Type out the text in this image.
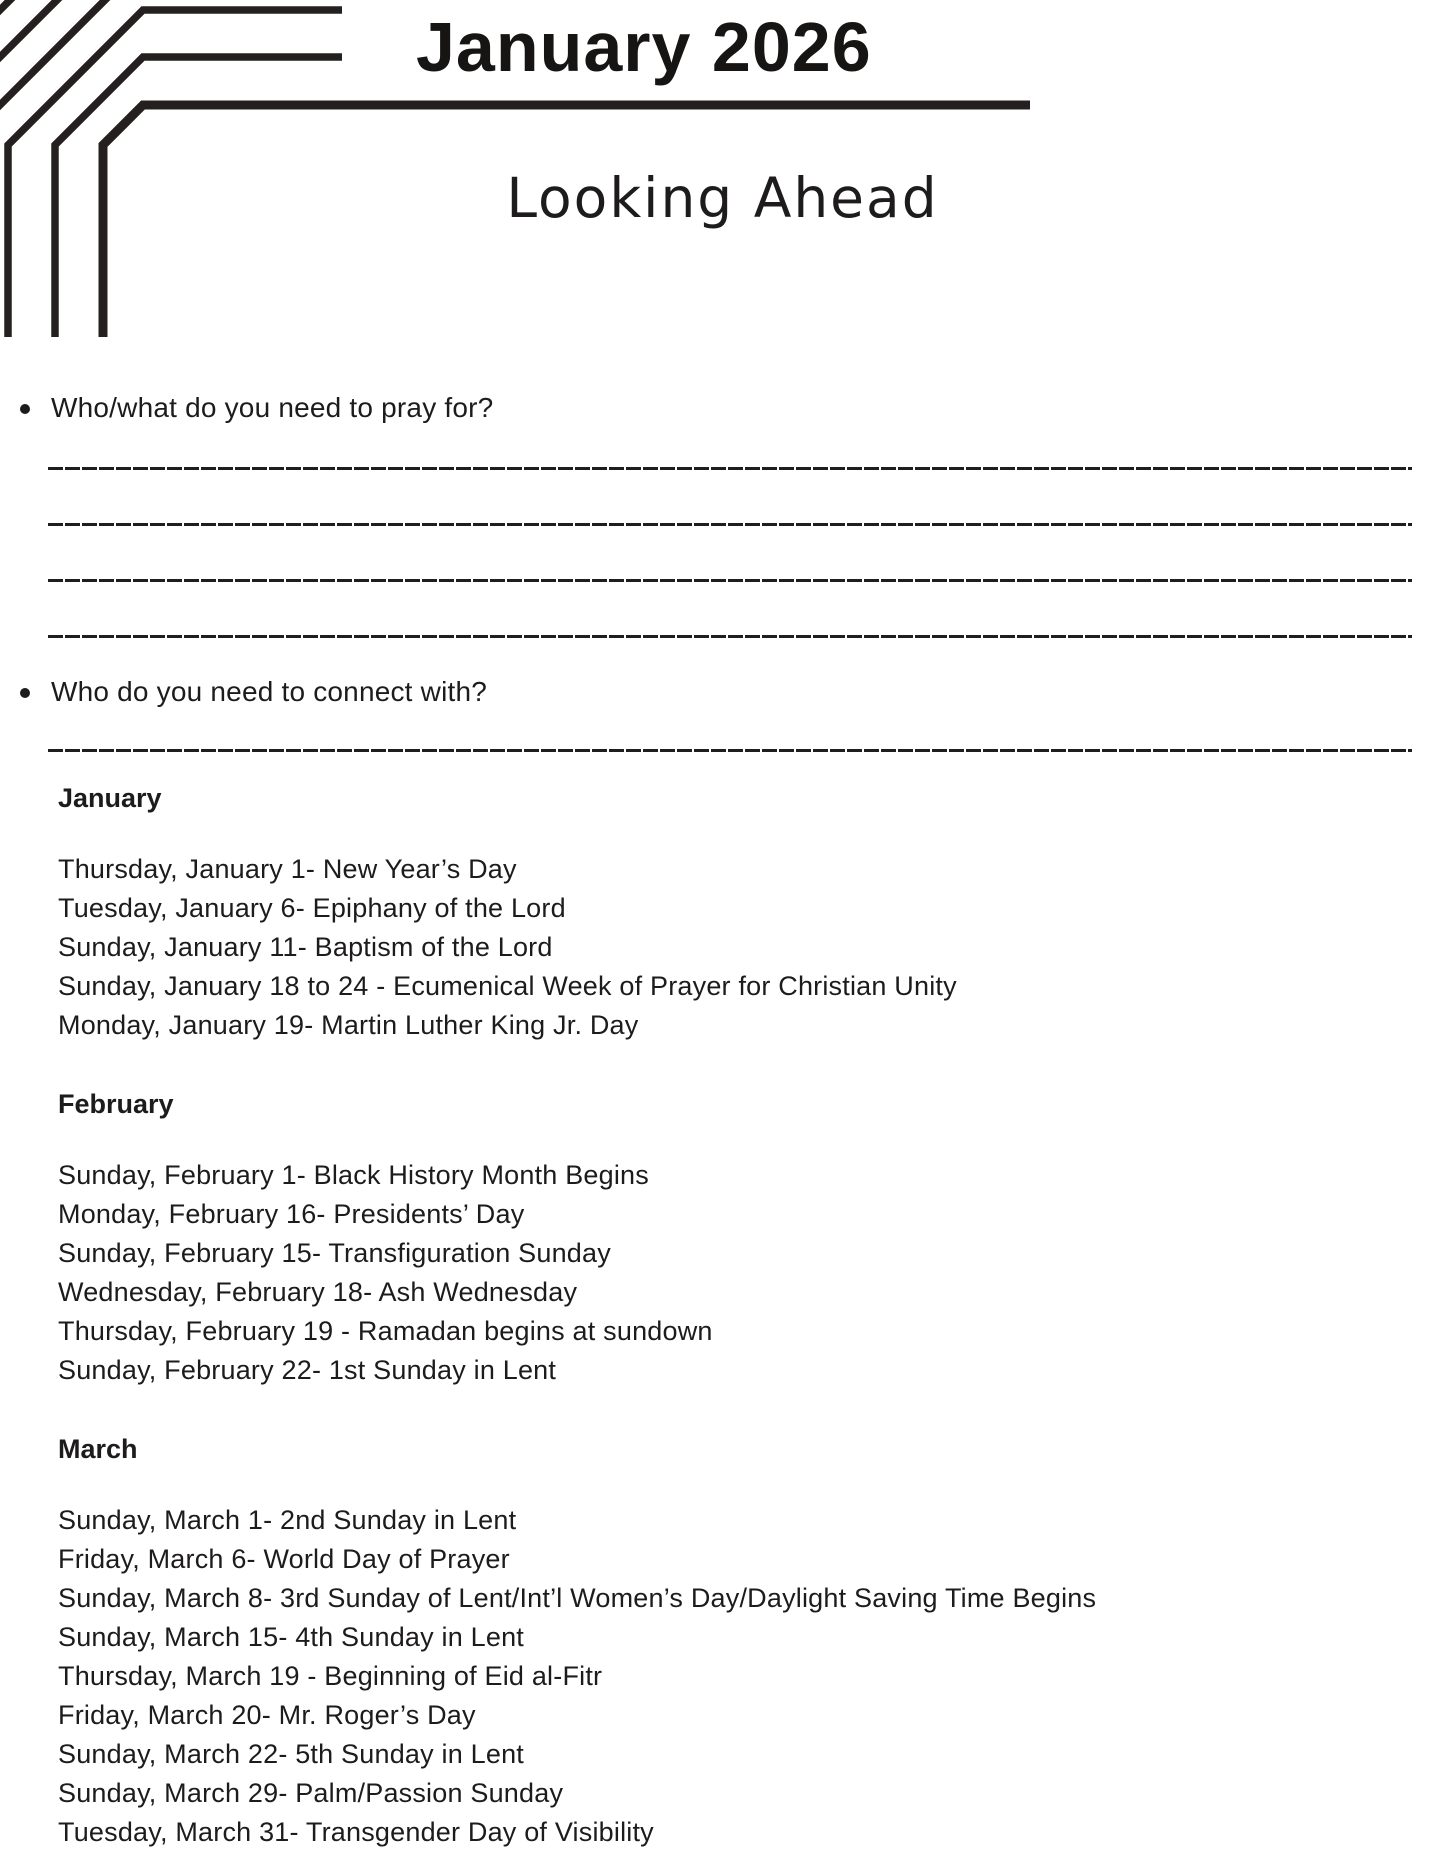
January 2026
Looking Ahead
Who/what do you need to pray for?
Who do you need to connect with?
January

Thursday, January 1- New Year’s Day

Tuesday, January 6- Epiphany of the Lord

Sunday, January 11- Baptism of the Lord

Sunday, January 18 to 24 - Ecumenical Week of Prayer for Christian Unity

Monday, January 19- Martin Luther King Jr. Day

February

Sunday, February 1- Black History Month Begins

Monday, February 16- Presidents’ Day

Sunday, February 15- Transfiguration Sunday

Wednesday, February 18- Ash Wednesday

Thursday, February 19 - Ramadan begins at sundown

Sunday, February 22- 1st Sunday in Lent

March

Sunday, March 1- 2nd Sunday in Lent

Friday, March 6- World Day of Prayer

Sunday, March 8- 3rd Sunday of Lent/Int’l Women’s Day/Daylight Saving Time Begins

Sunday, March 15- 4th Sunday in Lent

Thursday, March 19 - Beginning of Eid al-Fitr

Friday, March 20- Mr. Roger’s Day

Sunday, March 22- 5th Sunday in Lent

Sunday, March 29- Palm/Passion Sunday

Tuesday, March 31- Transgender Day of Visibility
